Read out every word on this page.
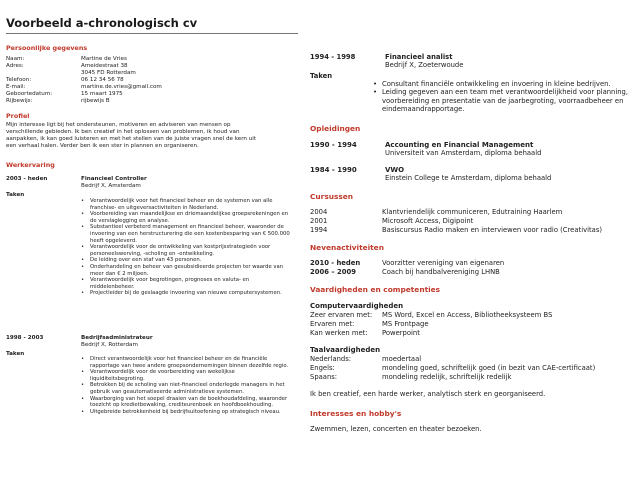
Voorbeeld a-chronologisch cv
Persoonlijke gegevens
Naam:	Martine de Vries
Adres:	Ameidestraat 38
3045 FD Rotterdam
Telefoon:	06 12 34 56 78
E-mail:	martine.de.vries@gmail.com
Geboortedatum:	15 maart 1975
Rijbewijs:	rijbewijs B
Profiel
Mijn interesse ligt bij het ondersteunen, motiveren en adviseren van mensen op
verschillende gebieden. Ik ben creatief in het oplossen van problemen, ik houd van
aanpakken, ik kan goed luisteren en met het stellen van de juiste vragen snel de kern uit
een verhaal halen. Verder ben ik een ster in plannen en organiseren.
Werkervaring
2003 - heden	Financieel Controller
Bedrijf X, Amsterdam
Taken
• Verantwoordelijk voor het financieel beheer en de systemen van alle franchise- en uitgeversactiviteiten in Nederland.
• Voorbereiding van maandelijkse en driemaandelijkse groepsrekeningen en de verslaglegging en analyse.
• Substantieel verbeterd management en financieel beheer, waaronder de invoering van een herstructurering die een kostenbesparing van € 500.000 heeft opgeleverd.
• Verantwoordelijk voor de ontwikkeling van kostprijsstrategieën voor personeelswerving, -scholing en -ontwikkeling.
• De leiding over een staf van 43 personen.
• Onderhandeling en beheer van gesubsidieerde projecten ter waarde van meer dan € 2 miljoen.
• Verantwoordelijk voor begrotingen, prognoses en valuta- en middelenbeheer.
• Projectleider bij de geslaagde invoering van nieuwe computersystemen.
1998 - 2003	Bedrijfsadministrateur
Bedrijf X, Rotterdam
Taken
• Direct verantwoordelijk voor het financieel beheer en de financiële rapportage van twee andere groepsondernemingen binnen dezelfde regio.
• Verantwoordelijk voor de voorbereiding van wekelijkse liquiditeitsbegroting.
• Betrokken bij de scholing van niet-financieel onderlegde managers in het gebruik van geautomatiseerde administratieve systemen.
• Waarborging van het soepel draaien van de boekhoudafdeling, waaronder toezicht op kredietbewaking, crediteurenboek en hoofdboekhouding.
• Uitgebreide betrokkenheid bij bedrijfsuitoefening op strategisch niveau.
1994 - 1998	Financieel analist
Bedrijf X, Zoeterwoude
Taken
• Consultant financiële ontwikkeling en invoering in kleine bedrijven.
• Leiding gegeven aan een team met verantwoordelijkheid voor planning, voorbereiding en presentatie van de jaarbegroting, voorraadbeheer en eindemaandrapportage.
Opleidingen
1990 - 1994	Accounting en Financial Management
Universiteit van Amsterdam, diploma behaald
1984 - 1990	VWO
Einstein College te Amsterdam, diploma behaald
Cursussen
2004	Klantvriendelijk communiceren, Edutraining Haarlem
2001	Microsoft Access, Digipoint
1994	Basiscursus Radio maken en interviewen voor radio (Creativitas)
Nevenactiviteiten
2010 - heden	Voorzitter vereniging van eigenaren
2006 – 2009	Coach bij handbalvereniging LHNB
Vaardigheden en competenties
Computervaardigheden
Zeer ervaren met:	MS Word, Excel en Access, Bibliotheeksysteem BS
Ervaren met:	MS Frontpage
Kan werken met:	Powerpoint
Taalvaardigheden
Nederlands:	moedertaal
Engels:	mondeling goed, schriftelijk goed (in bezit van CAE-certificaat)
Spaans:	mondeling redelijk, schriftelijk redelijk
Ik ben creatief, een harde werker, analytisch sterk en georganiseerd.
Interesses en hobby's
Zwemmen, lezen, concerten en theater bezoeken.
